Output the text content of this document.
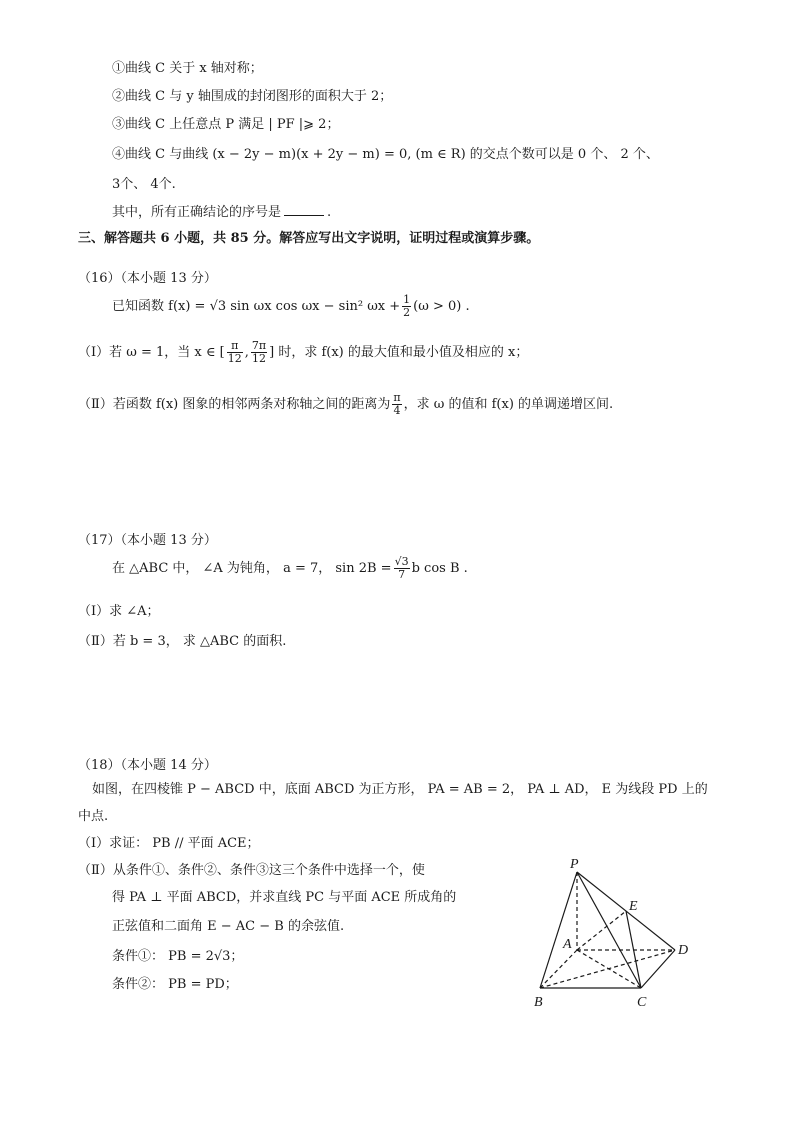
①曲线 C 关于 x 轴对称；
②曲线 C 与 y 轴围成的封闭图形的面积大于 2；
③曲线 C 上任意点 P 满足 | PF |⩾ 2；
④曲线 C 与曲线 (x − 2y − m)(x + 2y − m) = 0, (m ∈ R) 的交点个数可以是 0 个、 2 个、
3个、 4个.
其中，所有正确结论的序号是	.
三、解答题共 6 小题，共 85 分。解答应写出文字说明，证明过程或演算步骤。
（16）（本小题 13 分）
已知函数 f(x) = √3 sin ωx cos ωx − sin² $\omega x + \frac{1}{2} (\omega > 0)$ .
（Ⅰ）若 ω = 1，当 x ∈ [ $\frac{\pi}{12}$ , $\frac{7\pi}{12}$ ] 时，求 f(x) 的最大值和最小值及相应的 x；
（Ⅱ）若函数 f(x) 图象的相邻两条对称轴之间的距离为 $\frac{\pi}{4}$ ，求 ω 的值和 f(x) 的单调递增区间.
（17）（本小题 13 分）
在 △ABC 中， ∠A 为钝角， a = 7， $\sin 2B = \frac{√3}{7}$ b cos B .
（Ⅰ）求 ∠A；
（Ⅱ）若 b = 3， 求 △ABC 的面积.
（18）（本小题 14 分）
如图，在四棱锥 P − ABCD 中，底面 ABCD 为正方形， PA = AB = 2， PA ⊥ AD， E 为线段 PD 上的
中点.
（Ⅰ）求证： PB // 平面 ACE；
（Ⅱ）从条件①、条件②、条件③这三个条件中选择一个，使
得 PA ⊥ 平面 ABCD，并求直线 PC 与平面 ACE 所成角的
正弦值和二面角 E − AC − B 的余弦值.
条件①： PB = 2√3；
条件②： PB = PD；
P
E
A	D
B	C
